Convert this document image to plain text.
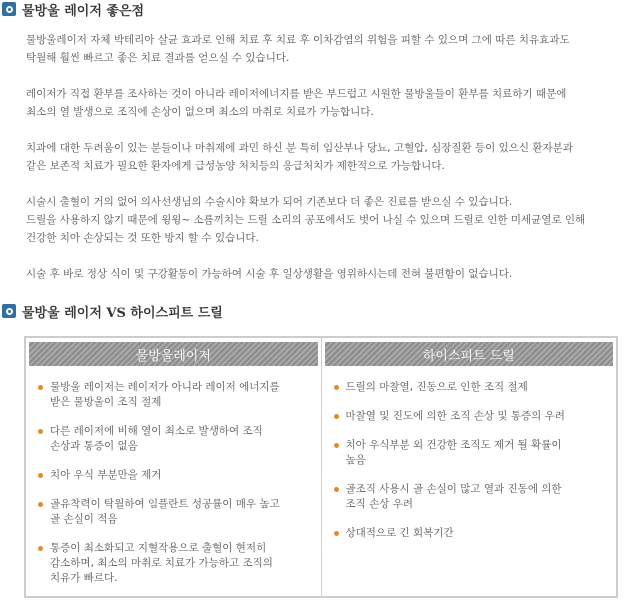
물방울 레이저 좋은점

물방울레이저 자체 박테리아 살균 효과로 인해 치료 후 치료 후 이차감염의 위험을 피할 수 있으며 그에 따른 치유효과도

탁월해 훨씬 빠르고 좋은 치료 결과를 얻으실 수 있습니다.

레이저가 직접 환부를 조사하는 것이 아니라 레이저에너지를 받은 부드럽고 시원한 물방울들이 환부를 치료하기 때문에

최소의 열 발생으로 조직에 손상이 없으며 최소의 마취로 치료가 가능합니다.

치과에 대한 두려움이 있는 분들이나 마취제에 과민 하신 분 특히 임산부나 당뇨, 고혈압, 심장질환 등이 있으신 환자분과

같은 보존적 치료가 필요한 환자에게 급성농양 처치등의 응급처치가 제한적으로 가능합니다.

시술시 출혈이 거의 없어 의사선생님의 수술시야 확보가 되어 기존보다 더 좋은 진료를 받으실 수 있습니다.

드릴을 사용하지 않기 때문에 윙윙~ 소름끼치는 드릴 소리의 공포에서도 벗어 나실 수 있으며 드릴로 인한 미세균열로 인해

건강한 치아 손상되는 것 또한 방지 할 수 있습니다.

시술 후 바로 정상 식이 및 구강활동이 가능하여 시술 후 일상생활을 영위하시는데 전혀 불편함이 없습니다.

물방울 레이저 VS 하이스피트 드릴
물방울레이저
물방울 레이저는 레이저가 아니라 레이저 에너지를
받은 물방울이 조직 절제
다른 레이저에 비해 열이 최소로 발생하여 조직
손상과 통증이 없음
치아 우식 부분만을 제거
골유착력이 탁월하여 임플란트 성공률이 매우 높고
골 손실이 적음
통증이 최소화되고 지혈작용으로 출혈이 현저히
감소하며, 최소의 마취로 치료가 가능하고 조직의
치유가 빠르다.
하이스피트 드릴
드릴의 마찰열, 진동으로 인한 조직 절제
마찰열 및 진도에 의한 조직 손상 및 통증의 우려
치아 우식부분 외 건강한 조직도 제거 될 확률이
높음
골조직 사용시 골 손실이 많고 열과 진동에 의한
조직 손상 우려
상대적으로 긴 회복기간
